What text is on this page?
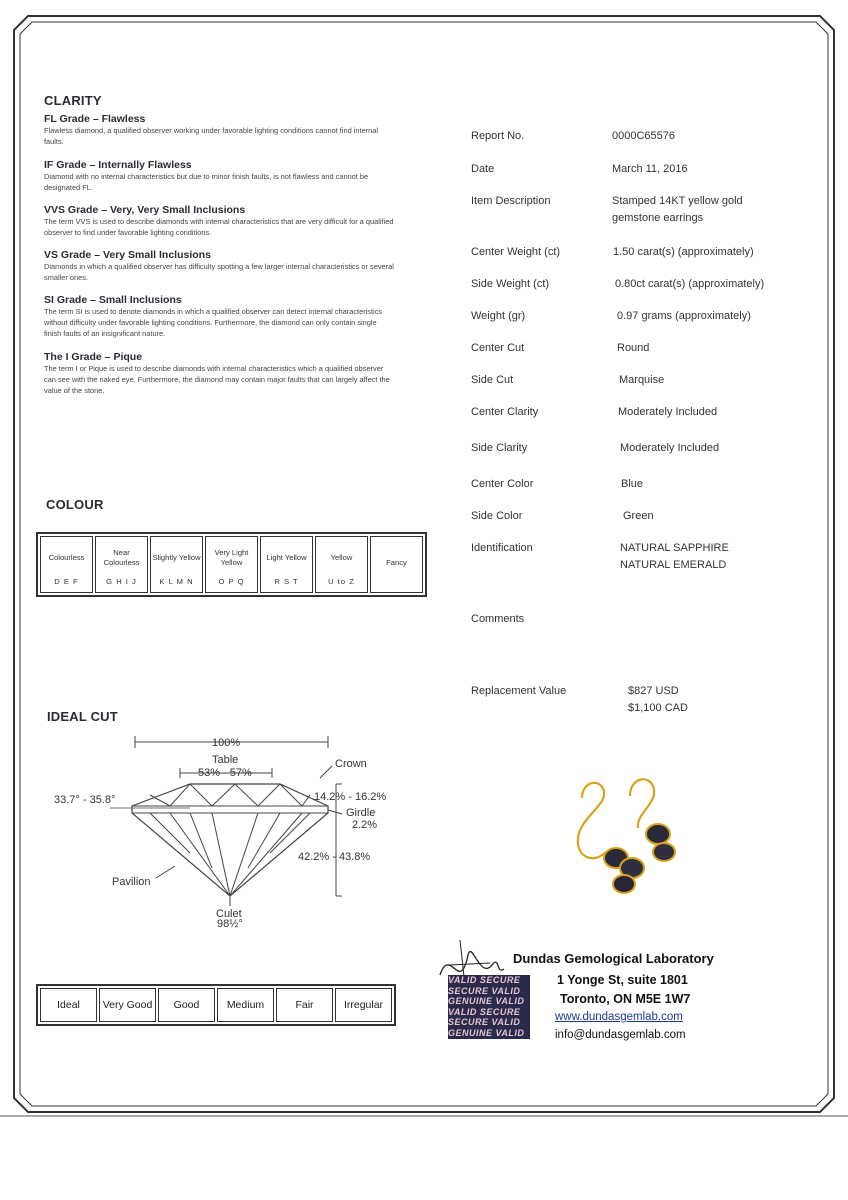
CLARITY
FL Grade – Flawless
Flawless diamond, a qualified observer working under favorable lighting conditions cannot find internal faults.
IF Grade – Internally Flawless
Diamond with no internal characteristics but due to minor finish faults, is not flawless and cannot be designated FL.
VVS Grade – Very, Very Small Inclusions
The term VVS is used to describe diamonds with internal characteristics that are very difficult for a qualified observer to find under favorable lighting conditions.
VS Grade – Very Small Inclusions
Diamonds in which a qualified observer has difficulty spotting a few larger internal characteristics or several smaller ones.
SI Grade – Small Inclusions
The term SI is used to denote diamonds in which a qualified observer can detect internal characteristics without difficulty under favorable lighting conditions. Furthermore, the diamond can only contain single finish faults of an insignificant nature.
The I Grade – Pique
The term I or Pique is used to describe diamonds with internal characteristics which a qualified observer can see with the naked eye. Furthermore, the diamond may contain major faults that can largely affect the value of the stone.
COLOUR
Colourless
D E F

Near Colourless
G H I J

Slightly Yellow
K L M N

Very Light Yellow
O P Q

Light Yellow
R S T

Yellow
U to Z

Fancy
IDEAL CUT
100%
Table
53% - 57%
Crown
33.7° - 35.8°	14.2% - 16.2%
Girdle
2.2%
42.2% - 43.8%
Pavilion
Culet
98½°
Ideal	Very Good	Good	Medium	Fair	Irregular
Report No.	0000C65576
Date	March 11, 2016
Item Description	Stamped 14KT yellow gold
gemstone earrings
Center Weight (ct)	1.50 carat(s) (approximately)
Side Weight (ct)	0.80ct carat(s) (approximately)
Weight (gr)	0.97 grams (approximately)
Center Cut	Round
Side Cut	Marquise
Center Clarity	Moderately Included
Side Clarity	Moderately Included
Center Color	Blue
Side Color	Green
Identification	NATURAL SAPPHIRE
NATURAL EMERALD
Comments
Replacement Value	$827 USD
$1,100 CAD
VALID SECURE
SECURE VALID
GENUINE VALID
VALID SECURE
SECURE VALID
GENUINE VALID
Dundas Gemological Laboratory
1 Yonge St, suite 1801
Toronto, ON M5E 1W7
www.dundasgemlab.com
info@dundasgemlab.com
